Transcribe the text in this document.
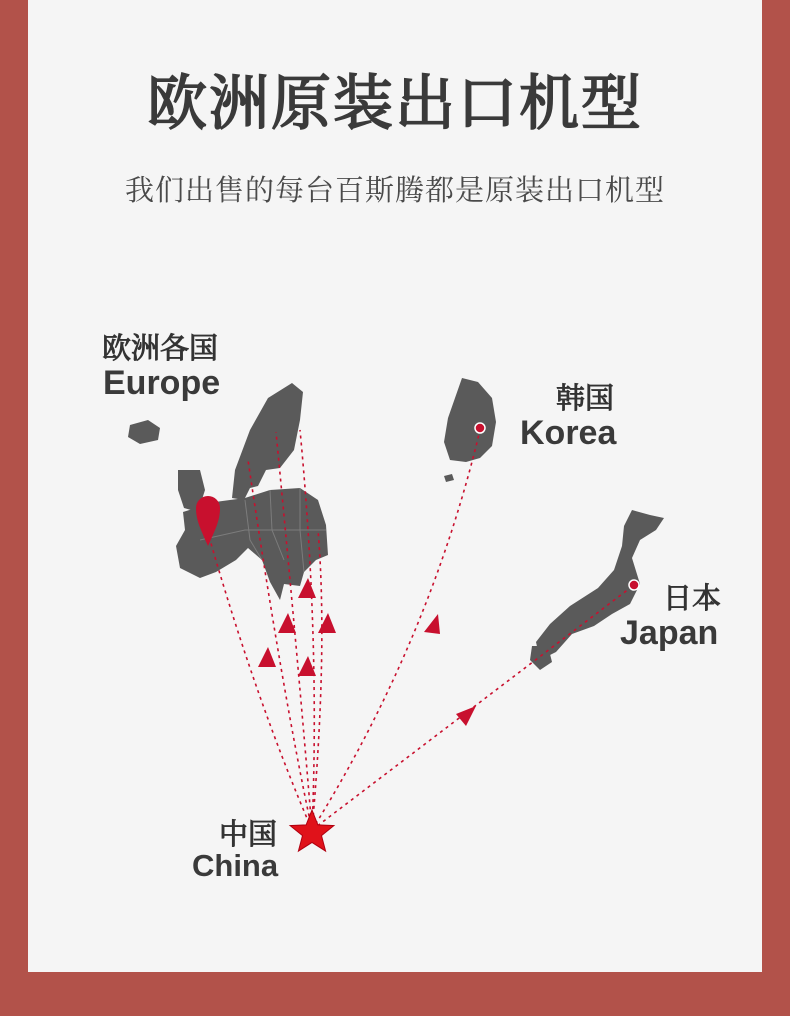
欧洲原装出口机型
我们出售的每台百斯腾都是原装出口机型
欧洲各国
Europe	韩国
Korea
日本
Japan
中国
China
